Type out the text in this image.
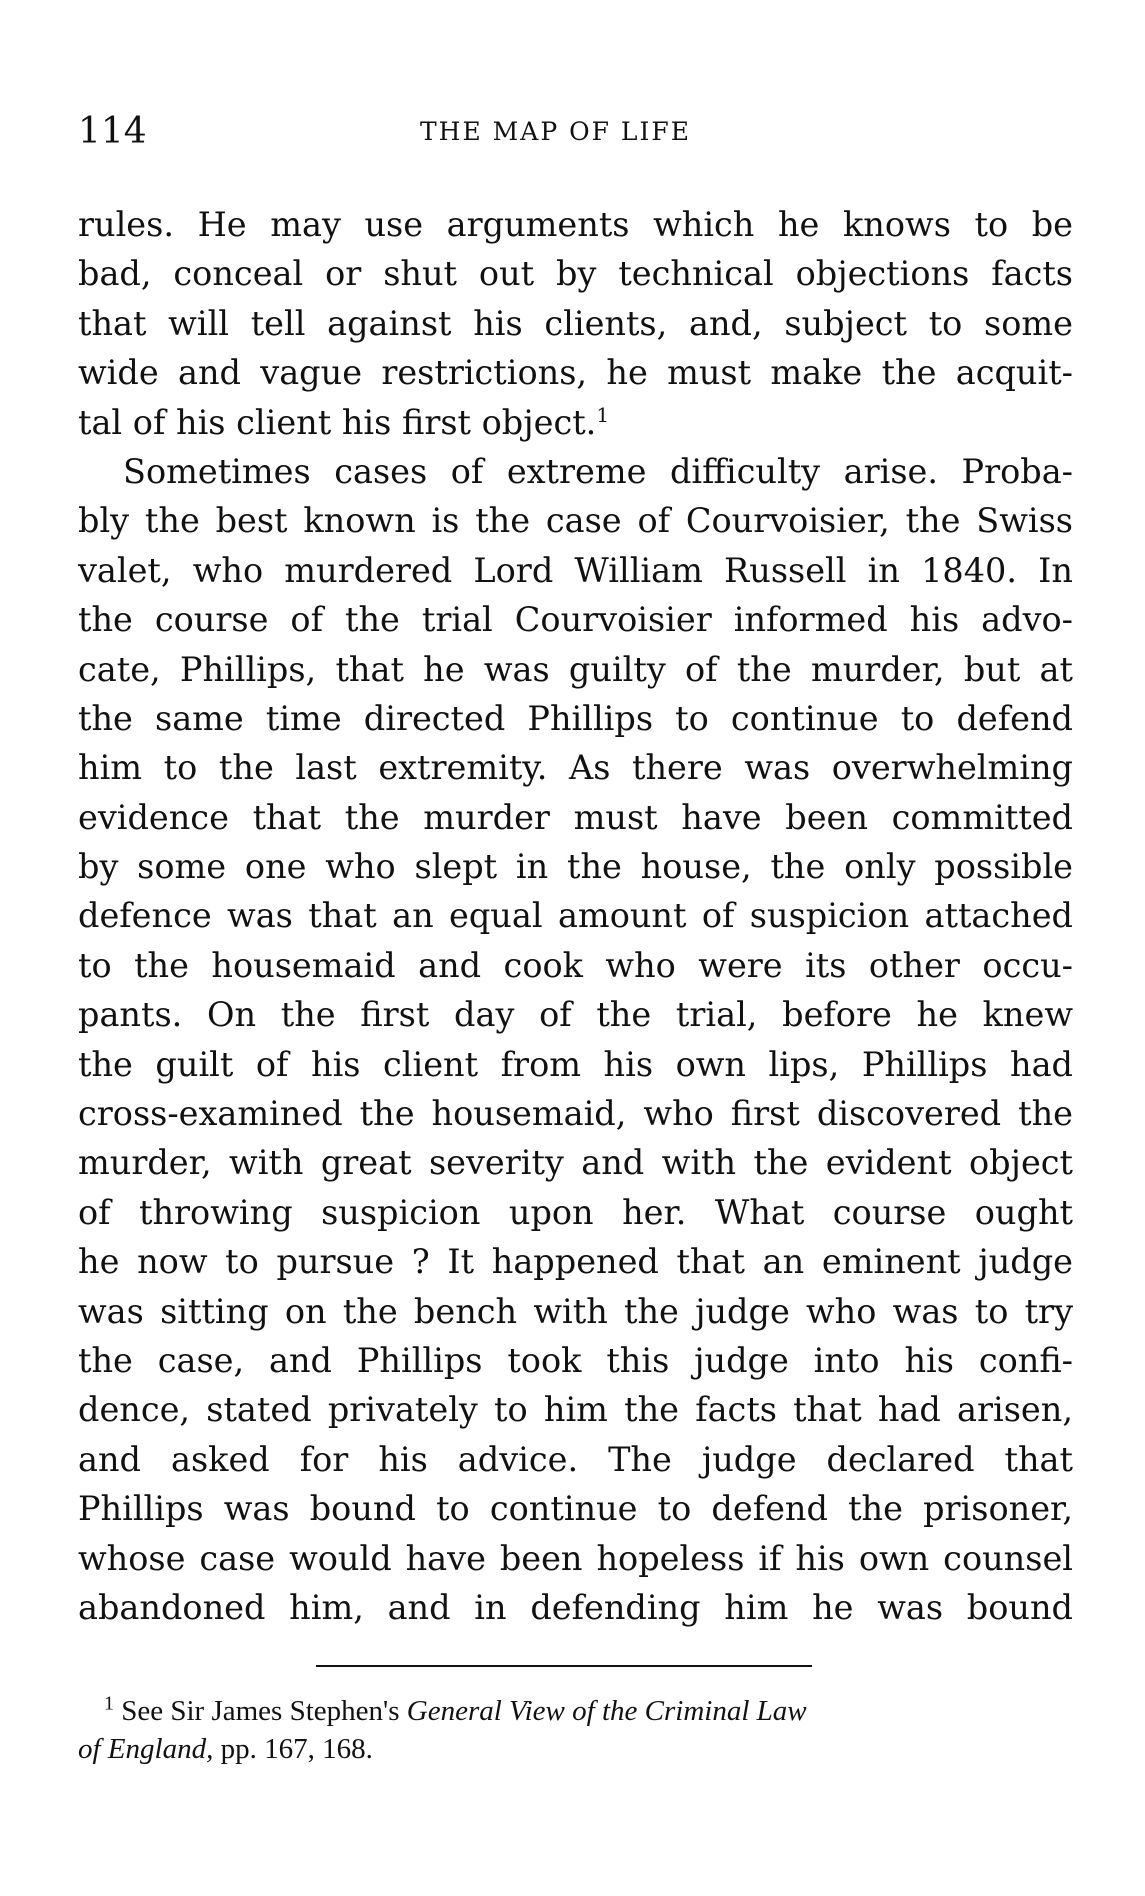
114	THE MAP OF LIFE
rules. He may use arguments which he knows to be
bad, conceal or shut out by technical objections facts
that will tell against his clients, and, subject to some
wide and vague restrictions, he must make the acquit-
tal of his client his first object.$^1$
Sometimes cases of extreme difficulty arise. Proba-
bly the best known is the case of Courvoisier, the Swiss
valet, who murdered Lord William Russell in 1840. In
the course of the trial Courvoisier informed his advo-
cate, Phillips, that he was guilty of the murder, but at
the same time directed Phillips to continue to defend
him to the last extremity. As there was overwhelming
evidence that the murder must have been committed
by some one who slept in the house, the only possible
defence was that an equal amount of suspicion attached
to the housemaid and cook who were its other occu-
pants. On the first day of the trial, before he knew
the guilt of his client from his own lips, Phillips had
cross-examined the housemaid, who first discovered the
murder, with great severity and with the evident object
of throwing suspicion upon her. What course ought
he now to pursue ? It happened that an eminent judge
was sitting on the bench with the judge who was to try
the case, and Phillips took this judge into his confi-
dence, stated privately to him the facts that had arisen,
and asked for his advice. The judge declared that
Phillips was bound to continue to defend the prisoner,
whose case would have been hopeless if his own counsel
abandoned him, and in defending him he was bound
$^1$ See Sir James Stephen's General View of the Criminal Law
of England, pp. 167, 168.
